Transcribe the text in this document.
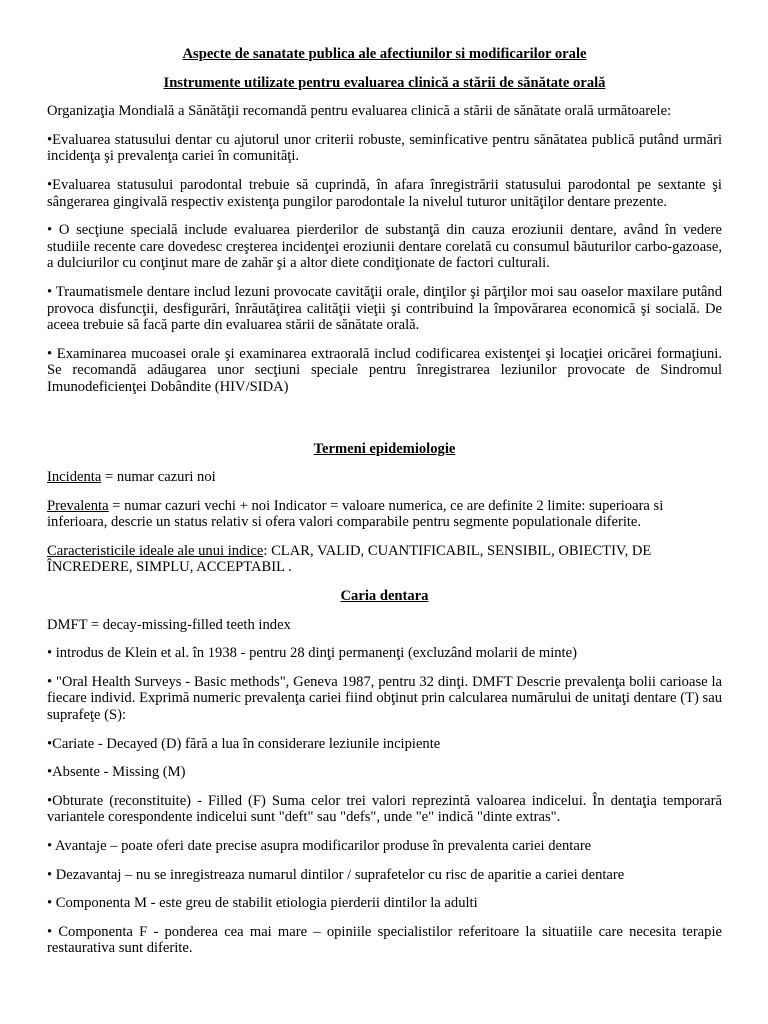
Aspecte de sanatate publica ale afectiunilor si modificarilor orale

Instrumente utilizate pentru evaluarea clinică a stării de sănătate orală

Organizaţia Mondială a Sănătăţii recomandă pentru evaluarea clinică a stării de sănătate orală următoarele:

•Evaluarea statusului dentar cu ajutorul unor criterii robuste, seminficative pentru sănătatea publică putând urmări incidenţa şi prevalenţa cariei în comunităţi.

•Evaluarea statusului parodontal trebuie să cuprindă, în afara înregistrării statusului parodontal pe sextante şi sângerarea gingivală respectiv existenţa pungilor parodontale la nivelul tuturor unităţilor dentare prezente.

• O secţiune specială include evaluarea pierderilor de substanţă din cauza eroziunii dentare, având în vedere studiile recente care dovedesc creşterea incidenţei eroziunii dentare corelată cu consumul băuturilor carbo-gazoase, a dulciurilor cu conţinut mare de zahăr şi a altor diete condiţionate de factori culturali.

• Traumatismele dentare includ lezuni provocate cavităţii orale, dinţilor şi părţilor moi sau oaselor maxilare putând provoca disfuncţii, desfigurări, înrăutăţirea calităţii vieţii şi contribuind la împovărarea economică şi socială. De aceea trebuie să facă parte din evaluarea stării de sănătate orală.

• Examinarea mucoasei orale şi examinarea extraorală includ codificarea existenţei şi locaţiei oricărei formaţiuni. Se recomandă adăugarea unor secţiuni speciale pentru înregistrarea leziunilor provocate de Sindromul Imunodeficienţei Dobândite (HIV/SIDA)

Termeni epidemiologie

Incidenta = numar cazuri noi

Prevalenta = numar cazuri vechi + noi Indicator = valoare numerica, ce are definite 2 limite: superioara si inferioara, descrie un status relativ si ofera valori comparabile pentru segmente populationale diferite.

Caracteristicile ideale ale unui indice: CLAR, VALID, CUANTIFICABIL, SENSIBIL, OBIECTIV, DE ÎNCREDERE, SIMPLU, ACCEPTABIL .

Caria dentara

DMFT = decay-missing-filled teeth index

• introdus de Klein et al. în 1938 - pentru 28 dinţi permanenţi (excluzând molarii de minte)

• "Oral Health Surveys - Basic methods", Geneva 1987, pentru 32 dinţi. DMFT Descrie prevalenţa bolii carioase la fiecare individ. Exprimă numeric prevalenţa cariei fiind obţinut prin calcularea numărului de unitaţi dentare (T) sau suprafeţe (S):

•Cariate - Decayed (D) fără a lua în considerare leziunile incipiente

•Absente - Missing (M)

•Obturate (reconstituite) - Filled (F) Suma celor trei valori reprezintă valoarea indicelui. În dentaţia temporară variantele corespondente indicelui sunt "deft" sau "defs", unde "e" indică "dinte extras".

• Avantaje – poate oferi date precise asupra modificarilor produse în prevalenta cariei dentare

• Dezavantaj – nu se inregistreaza numarul dintilor / suprafetelor cu risc de aparitie a cariei dentare

• Componenta M - este greu de stabilit etiologia pierderii dintilor la adulti

• Componenta F - ponderea cea mai mare – opiniile specialistilor referitoare la situatiile care necesita terapie restaurativa sunt diferite.
